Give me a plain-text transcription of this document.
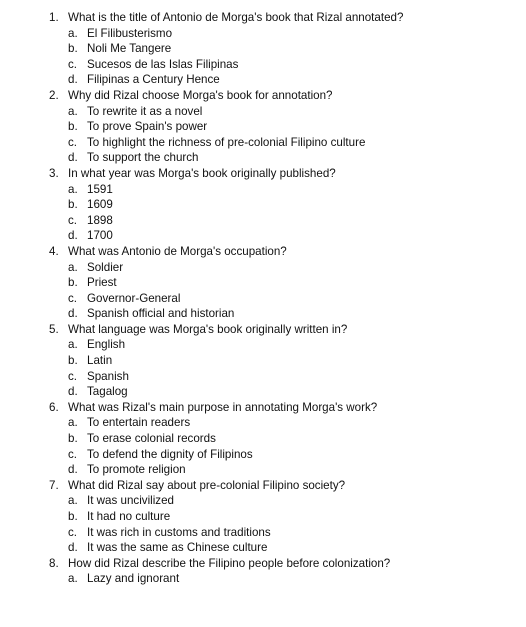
1. What is the title of Antonio de Morga's book that Rizal annotated?
a. El Filibusterismo
b. Noli Me Tangere
c. Sucesos de las Islas Filipinas
d. Filipinas a Century Hence
2. Why did Rizal choose Morga's book for annotation?
a. To rewrite it as a novel
b. To prove Spain's power
c. To highlight the richness of pre-colonial Filipino culture
d. To support the church
3. In what year was Morga's book originally published?
a. 1591
b. 1609
c. 1898
d. 1700
4. What was Antonio de Morga's occupation?
a. Soldier
b. Priest
c. Governor-General
d. Spanish official and historian
5. What language was Morga's book originally written in?
a. English
b. Latin
c. Spanish
d. Tagalog
6. What was Rizal's main purpose in annotating Morga's work?
a. To entertain readers
b. To erase colonial records
c. To defend the dignity of Filipinos
d. To promote religion
7. What did Rizal say about pre-colonial Filipino society?
a. It was uncivilized
b. It had no culture
c. It was rich in customs and traditions
d. It was the same as Chinese culture
8. How did Rizal describe the Filipino people before colonization?
a. Lazy and ignorant
